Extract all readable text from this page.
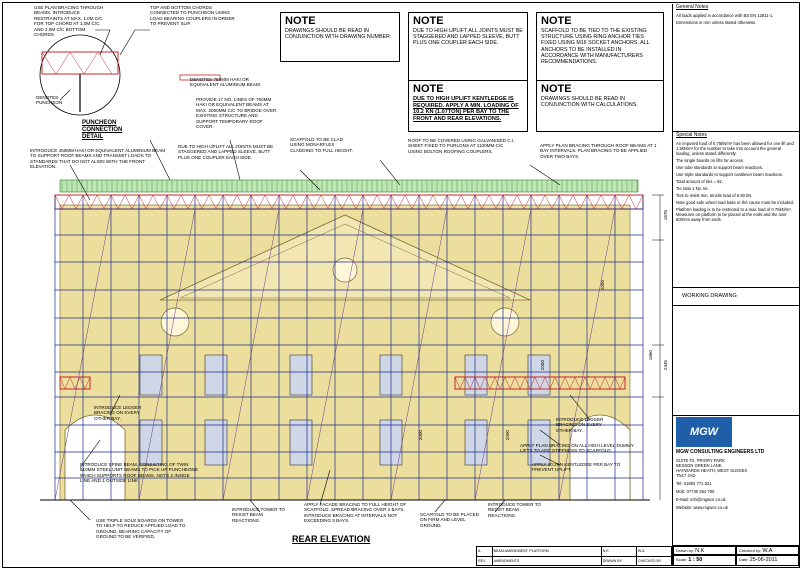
NOTE
DRAWINGS SHOULD BE READ IN CONJUNCTION WITH DRAWING NUMBER:
NOTE
DUE TO HIGH UPLIFT ALL JOINTS MUST BE STAGGERED AND LAPPED SLEEVE, BUTT PLUS ONE COUPLER EACH SIDE.
NOTE
SCAFFOLD TO BE TIED TO THE EXISTING STRUCTURE USING RING ANCHOR TIES FIXED USING M16 SOCKET ANCHORS. ALL ANCHORS TO BE INSTALLED IN ACCORDANCE WITH MANUFACTURERS RECOMMENDATIONS.
NOTE
DUE TO HIGH UPLIFT KENTLEDGE IS REQUIRED. APPLY A MIN. LOADING OF 10.2 KN (1.07TON) PER BAY TO THE FRONT AND REAR ELEVATIONS.
NOTE
DRAWINGS SHOULD BE READ IN CONJUNCTION WITH CALCULATIONS.
USE PLAN BRACING THROUGH BEAMS. INTRODUCE RESTRAINTS AT MAX. 1.0M C/C FOR TOP CHORD AT 1.0M C/C AND 2.0M C/C BOTTOM CHORDS
TOP AND BOTTOM CHORDS CONNECTED TO PUNCHEON USING LOAD BEARING COUPLERS IN ORDER TO PREVENT SLIP.
DENOTES 750MM HAKI OR EQUIVALENT ALUMINIUM BEAM.
DENOTES PUNCHEON
PUNCHEON CONNECTION DETAIL
PROVIDE 17 NO. LINES OF 750MM HAKI OR EQUIVALENT BEAMS AT MAX. 2000MM C/C TO BRIDGE OVER EXISTING STRUCTURE AND SUPPORT TEMPORARY ROOF COVER.
SCAFFOLD TO BE CLAD USING MONARFLEX CLADDING TO FULL HEIGHT.
ROOF TO BE COVERED USING GALVANISED C.I. SHEET FIXED TO PURLONS AT 1100MM C/C USING BOLTON ROOFING COUPLERS.
APPLY PLAN BRACING THROUGH ROOF BEAMS AT 1 BAY INTERVALS. PLAN BRACING TO BE APPLIED OVER TWO BAYS.
INTRODUCE 450MM HAKI OR EQUIVALENT ALUMINIUM BEAM TO SUPPORT ROOF BEAMS AND TRANSMIT LOADS TO STANDARDS THAT DO NOT ALIGN WITH THE FRONT ELEVATION.
DUE TO HIGH UPLIFT ALL JOINTS MUST BE STAGGERED AND LAPPED SLEEVE, BUTT PLUS ONE COUPLER EACH SIDE.
INTRODUCE LEDGER BRACING ON EVERY OTHER BAY.	INTRODUCE LEDGER BRACING ON EVERY OTHER BAY.
INTRODUCE SPINE BEAM, CONSISTING OF TWIN 610MM STEEL UNIT BEAMS TO PICK UP PUNCHEONS WHICH SUPPORTS ROOF BEAMS. NOTE 2 INSIDE LINE AND 1 OUTSIDE LINK.
APPLY PLAN BRACING ON ALL HIGH LEVEL DUMMY LIFTS TO ADD STIFFNESS TO SCAFFOLD.
APPLY 10.2KN KENTLEDGE PER BAY TO PREVENT UPLIFT.
USE TRIPLE SOLE BOARDS ON TOWER TO HELP TO REDUCE APPLIED LOAD TO GROUND. BEARING CAPACITY OF GROUND TO BE VERIFIED.
INTRODUCE TOWER TO RESIST BEAM REACTIONS.
APPLY FACADE BRACING TO FULL HEIGHT OF SCAFFOLD. SPREAD BRACING OVER 2 BAYS. INTRODUCE BRACING AT INTERVALS NOT EXCEEDING 5 BAYS.
SCAFFOLD TO BE PLACED ON FIRM AND LEVEL GROUND.
INTRODUCE TOWER TO RESIST BEAM REACTIONS.
REAR ELEVATION
1676
1660
2445
2000
2000
2000
2000
General Notes

All loads applied in accordance with BS EN 12811-1.

Dimensions in mm unless stated otherwise.

Special Notes

An imposed load of 0.75kN/m² has been allowed for one lift and 1.5kN/m² for the number to take into account the general loading, unless stated differently.

The single boards on lifts for access.

Use tube standards to support beam reactions.

Use triple standards to support cantilever beam reactions.

Total amount of ties = 92.

Tie ratio 1 No. tie.

Ties to resist min. tensile load of 6.50 kN.

Note good safe wheel load base or the cause must be included.

Platform loading is to be restricted to a max load of 0.75kN/m². Measures on platform to be placed at the ends and the over 600mm away from ends.

WORKING DRAWING
MGW
MGW CONSULTING ENGINEERS LTD
SUITE F2, PRIORY PARK
BESSON GREEN LANE
HAYWARDS HEATH, WEST SUSSEX
TN17 4AD
Tel: 01892 771 521
Mob: 07730 354 706
E-Mail: info@mgwce.co.uk
Website: www.mgwce.co.uk
Drawn by: N.K	Checked by: W.A
Scale: 1 : 50	Date: 25-06-2011
A	BEAM AMENDMENT, PLATFORM	N.K	W.A
REV.	AMENDMENTS	DRAWN BY	CHECKED BY
